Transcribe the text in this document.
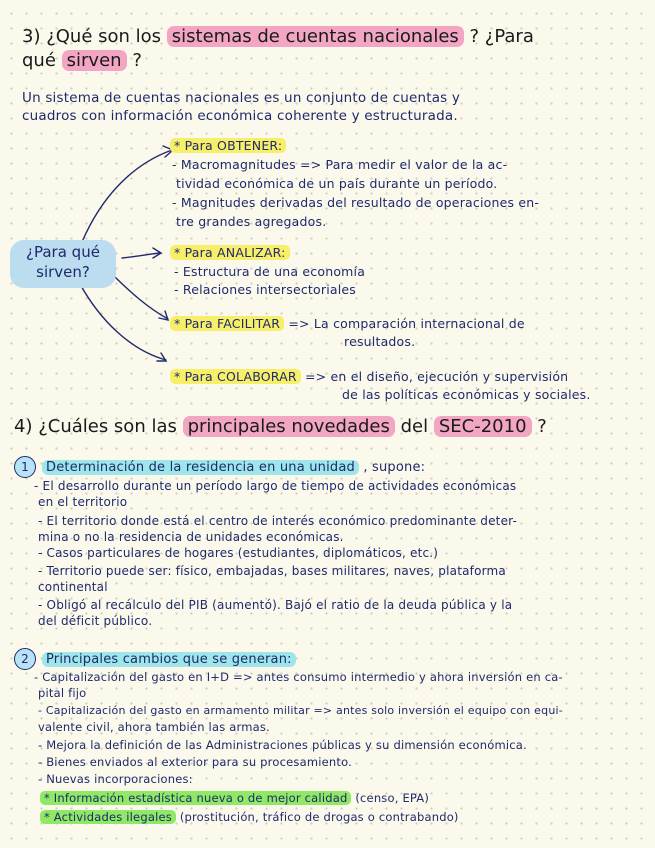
3) ¿Qué son los sistemas de cuentas nacionales ? ¿Para
qué sirven ?
Un sistema de cuentas nacionales es un conjunto de cuentas y
cuadros con información económica coherente y estructurada.
¿Para qué
sirven?
* Para OBTENER:
- Macromagnitudes => Para medir el valor de la ac-
tividad económica de un país durante un período.
- Magnitudes derivadas del resultado de operaciones en-
tre grandes agregados.
* Para ANALIZAR:
- Estructura de una economía
- Relaciones intersectoriales
* Para FACILITAR => La comparación internacional de
resultados.
* Para COLABORAR => en el diseño, ejecución y supervisión
de las políticas económicas y sociales.
4) ¿Cuáles son las principales novedades del SEC-2010 ?
1 Determinación de la residencia en una unidad , supone:
- El desarrollo durante un período largo de tiempo de actividades económicas
en el territorio
- El territorio donde está el centro de interés económico predominante deter-
mina o no la residencia de unidades económicas.
- Casos particulares de hogares (estudiantes, diplomáticos, etc.)
- Territorio puede ser: físico, embajadas, bases militares, naves, plataforma
continental
- Obligó al recálculo del PIB (aumentó). Bajó el ratio de la deuda pública y la
del déficit público.
2 Principales cambios que se generan:
- Capitalización del gasto en I+D => antes consumo intermedio y ahora inversión en ca-
pital fijo
- Capitalización del gasto en armamento militar => antes solo inversión el equipo con equi-
valente civil, ahora también las armas.
- Mejora la definición de las Administraciones públicas y su dimensión económica.
- Bienes enviados al exterior para su procesamiento.
- Nuevas incorporaciones:
* Información estadística nueva o de mejor calidad (censo, EPA)
* Actividades ilegales (prostitución, tráfico de drogas o contrabando)
